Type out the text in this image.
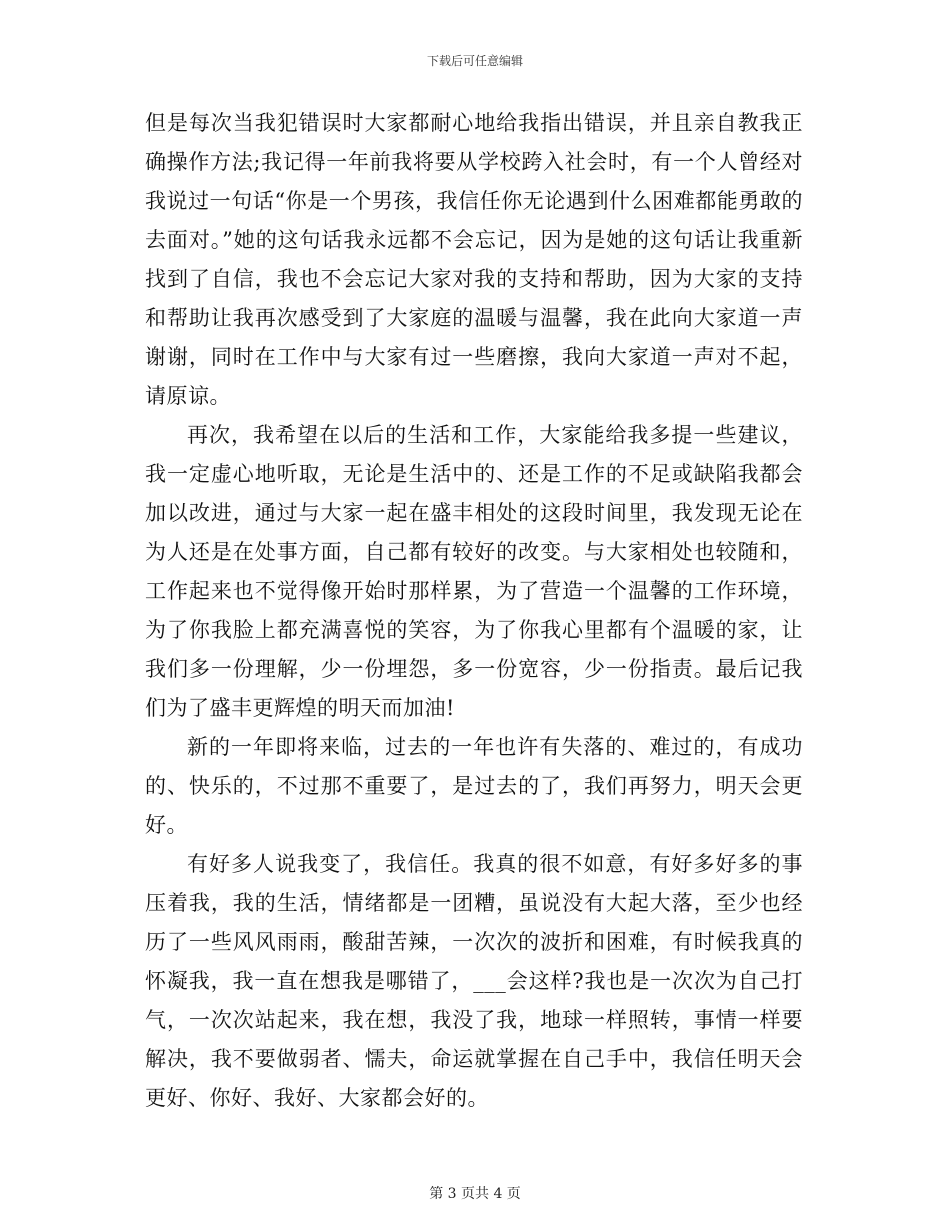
下载后可任意编辑

但是每次当我犯错误时大家都耐心地给我指出错误，并且亲自教我正确操作方法;我记得一年前我将要从学校跨入社会时，有一个人曾经对我说过一句话“你是一个男孩，我信任你无论遇到什么困难都能勇敢的去面对。”她的这句话我永远都不会忘记，因为是她的这句话让我重新找到了自信，我也不会忘记大家对我的支持和帮助，因为大家的支持和帮助让我再次感受到了大家庭的温暖与温馨，我在此向大家道一声谢谢，同时在工作中与大家有过一些磨擦，我向大家道一声对不起，请原谅。

再次，我希望在以后的生活和工作，大家能给我多提一些建议，我一定虚心地听取，无论是生活中的、还是工作的不足或缺陷我都会加以改进，通过与大家一起在盛丰相处的这段时间里，我发现无论在为人还是在处事方面，自己都有较好的改变。与大家相处也较随和，工作起来也不觉得像开始时那样累，为了营造一个温馨的工作环境，为了你我脸上都充满喜悦的笑容，为了你我心里都有个温暖的家，让我们多一份理解，少一份埋怨，多一份宽容，少一份指责。最后记我们为了盛丰更辉煌的明天而加油!

新的一年即将来临，过去的一年也许有失落的、难过的，有成功的、快乐的，不过那不重要了，是过去的了，我们再努力，明天会更好。

有好多人说我变了，我信任。我真的很不如意，有好多好多的事压着我，我的生活，情绪都是一团糟，虽说没有大起大落，至少也经历了一些风风雨雨，酸甜苦辣，一次次的波折和困难，有时候我真的怀凝我，我一直在想我是哪错了，___会这样?我也是一次次为自己打气，一次次站起来，我在想，我没了我，地球一样照转，事情一样要解决，我不要做弱者、懦夫，命运就掌握在自己手中，我信任明天会更好、你好、我好、大家都会好的。

第 3 页共 4 页
